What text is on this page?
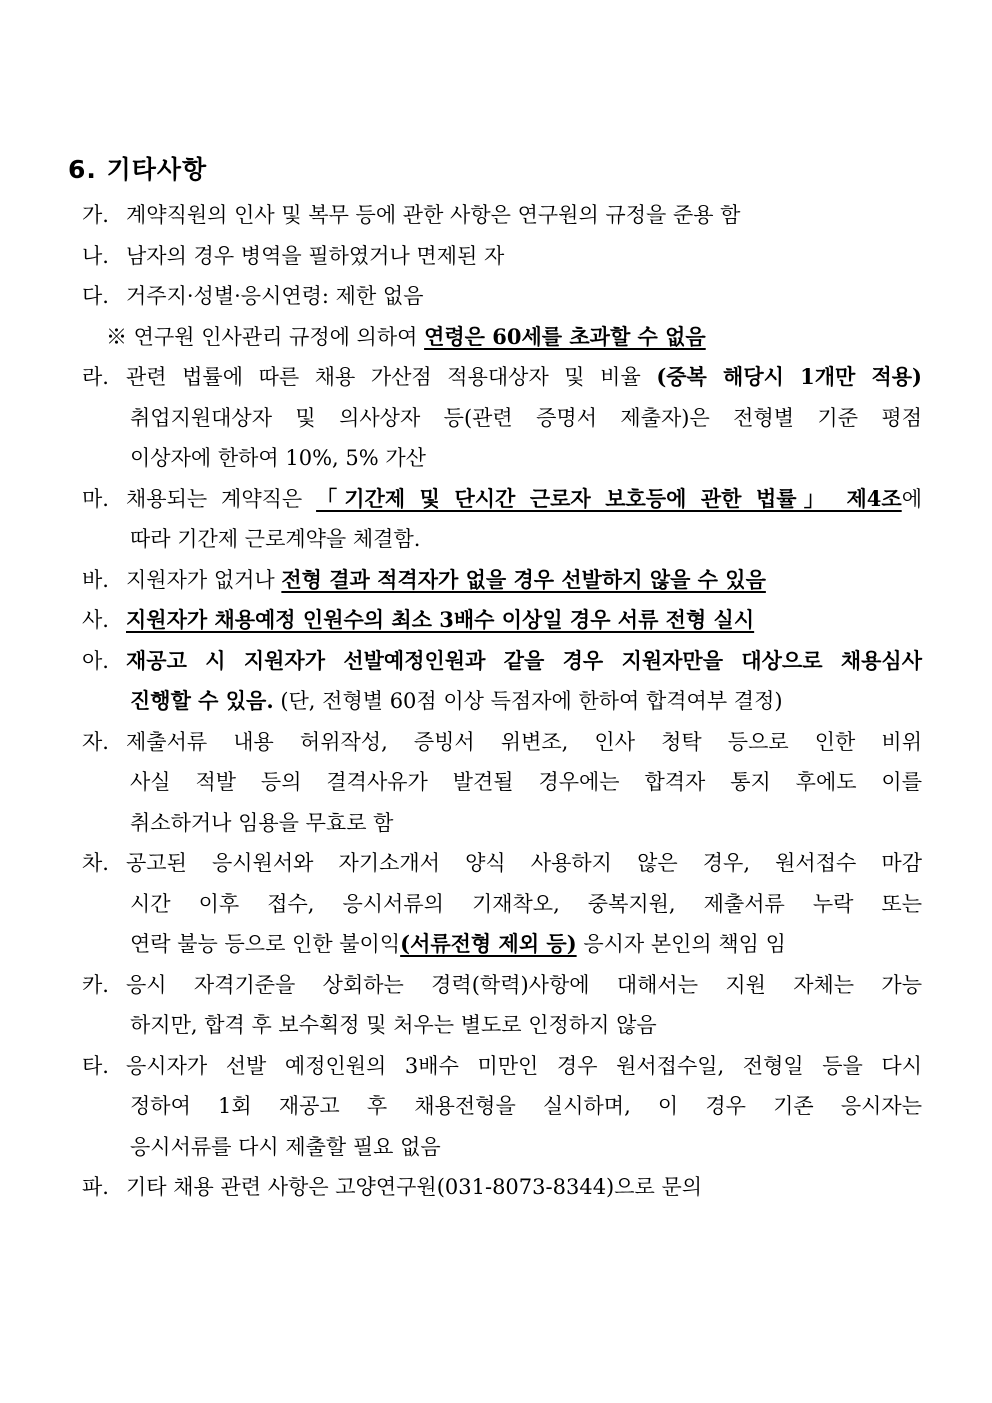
6. 기타사항
가. 계약직원의 인사 및 복무 등에 관한 사항은 연구원의 규정을 준용 함
나. 남자의 경우 병역을 필하였거나 면제된 자
다. 거주지·성별·응시연령: 제한 없음
※ 연구원 인사관리 규정에 의하여 연령은 60세를 초과할 수 없음
라. 관련 법률에 따른 채용 가산점 적용대상자 및 비율 (중복 해당시 1개만 적용)
취업지원대상자 및 의사상자 등(관련 증명서 제출자)은 전형별 기준 평점
이상자에 한하여 10%, 5% 가산
마. 채용되는 계약직은 「기간제 및 단시간 근로자 보호등에 관한 법률」 제4조에
따라 기간제 근로계약을 체결함.
바. 지원자가 없거나 전형 결과 적격자가 없을 경우 선발하지 않을 수 있음
사. 지원자가 채용예정 인원수의 최소 3배수 이상일 경우 서류 전형 실시
아. 재공고 시 지원자가 선발예정인원과 같을 경우 지원자만을 대상으로 채용심사
진행할 수 있음. (단, 전형별 60점 이상 득점자에 한하여 합격여부 결정)
자. 제출서류 내용 허위작성, 증빙서 위변조, 인사 청탁 등으로 인한 비위
사실 적발 등의 결격사유가 발견될 경우에는 합격자 통지 후에도 이를
취소하거나 임용을 무효로 함
차. 공고된 응시원서와 자기소개서 양식 사용하지 않은 경우, 원서접수 마감
시간 이후 접수, 응시서류의 기재착오, 중복지원, 제출서류 누락 또는
연락 불능 등으로 인한 불이익(서류전형 제외 등) 응시자 본인의 책임 임
카. 응시 자격기준을 상회하는 경력(학력)사항에 대해서는 지원 자체는 가능
하지만, 합격 후 보수획정 및 처우는 별도로 인정하지 않음
타. 응시자가 선발 예정인원의 3배수 미만인 경우 원서접수일, 전형일 등을 다시
정하여 1회 재공고 후 채용전형을 실시하며, 이 경우 기존 응시자는
응시서류를 다시 제출할 필요 없음
파. 기타 채용 관련 사항은 고양연구원(031-8073-8344)으로 문의
